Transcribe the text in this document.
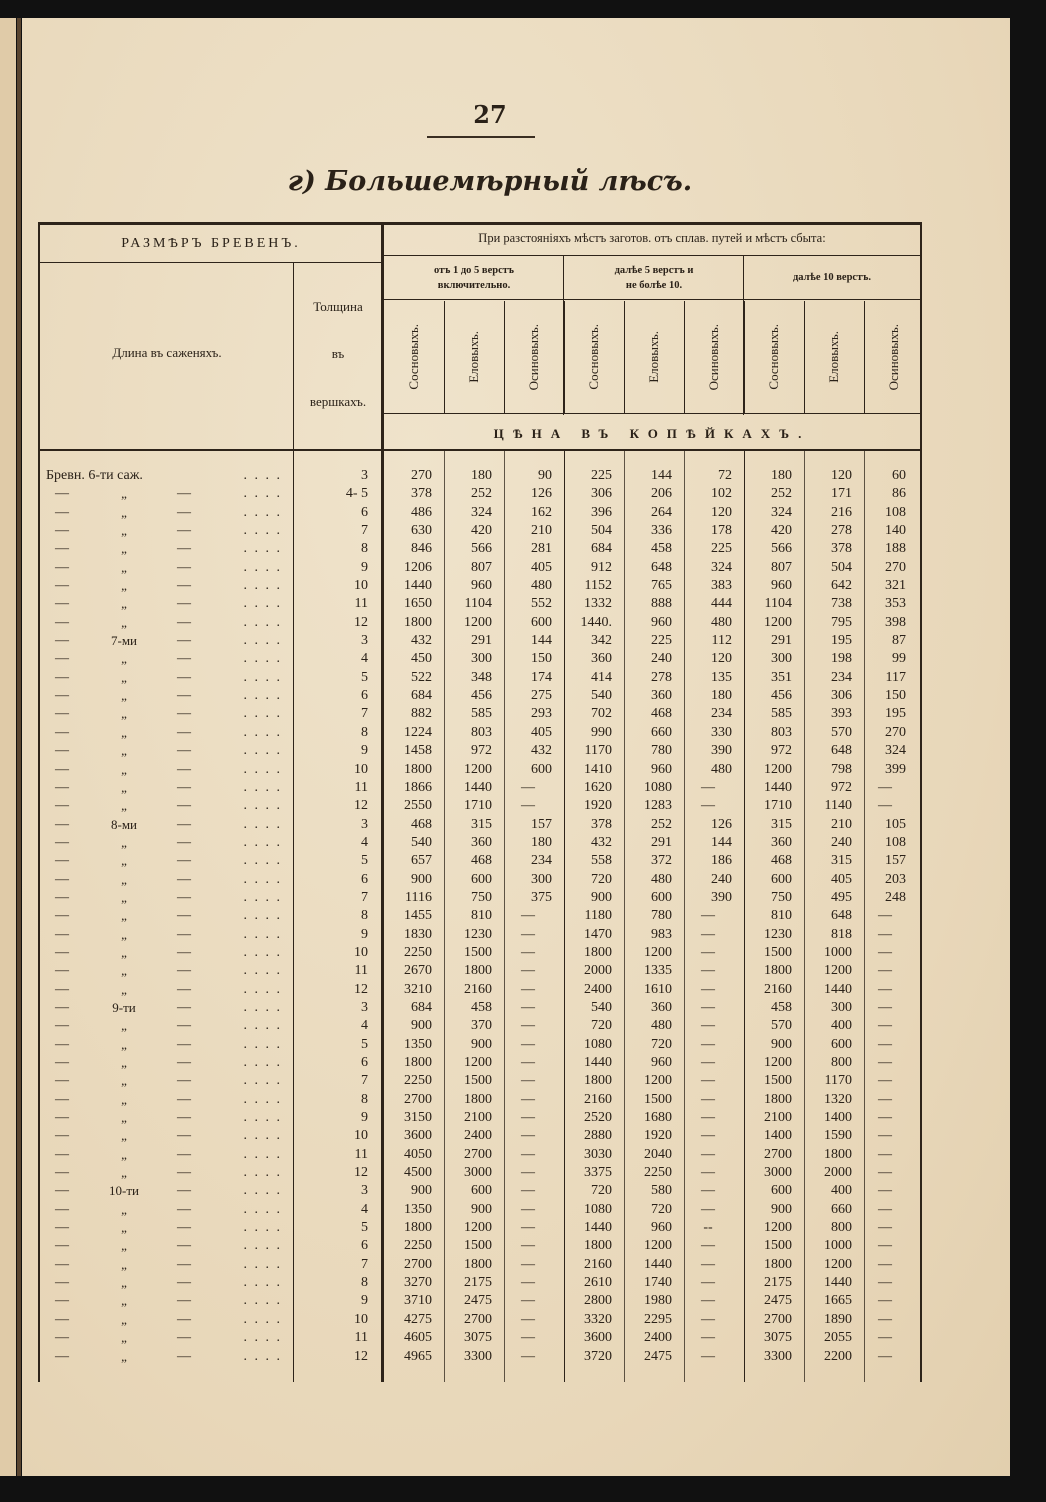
27
г) Большемѣрный лѣсъ.
РАЗМѢРЪ БРЕВЕНЪ.	При разстояніяхъ мѣстъ заготов. отъ сплав. путей и мѣстъ сбыта:
отъ 1 до 5 верстъ
включительно.
далѣе 5 верстъ и
не болѣе 10.
далѣе 10 верстъ.
Длина въ саженяхъ.
Толщина
въ
вершкахъ.
Сосновыхъ.	Еловыхъ.	Осиновыхъ.	Сосновыхъ.	Еловыхъ.	Осиновыхъ.	Сосновыхъ.	Еловыхъ.	Осиновыхъ.
ЦѢНА ВЪ КОПѢЙКАХЪ.
Бревн. 6-ти саж.	. . . .	3	270	180	90	225	144	72	180	120	60
—	„	—	. . . .	4- 5	378	252	126	306	206	102	252	171	86
—	„	—	. . . .	6	486	324	162	396	264	120	324	216	108
—	„	—	. . . .	7	630	420	210	504	336	178	420	278	140
—	„	—	. . . .	8	846	566	281	684	458	225	566	378	188
—	„	—	. . . .	9	1206	807	405	912	648	324	807	504	270
—	„	—	. . . .	10	1440	960	480	1152	765	383	960	642	321
—	„	—	. . . .	11	1650	1104	552	1332	888	444	1104	738	353
—	„	—	. . . .	12	1800	1200	600	1440.	960	480	1200	795	398
—	7-ми	—	. . . .	3	432	291	144	342	225	112	291	195	87
—	„	—	. . . .	4	450	300	150	360	240	120	300	198	99
—	„	—	. . . .	5	522	348	174	414	278	135	351	234	117
—	„	—	. . . .	6	684	456	275	540	360	180	456	306	150
—	„	—	. . . .	7	882	585	293	702	468	234	585	393	195
—	„	—	. . . .	8	1224	803	405	990	660	330	803	570	270
—	„	—	. . . .	9	1458	972	432	1170	780	390	972	648	324
—	„	—	. . . .	10	1800	1200	600	1410	960	480	1200	798	399
—	„	—	. . . .	11	1866	1440	—	1620	1080	—	1440	972	—
—	„	—	. . . .	12	2550	1710	—	1920	1283	—	1710	1140	—
—	8-ми	—	. . . .	3	468	315	157	378	252	126	315	210	105
—	„	—	. . . .	4	540	360	180	432	291	144	360	240	108
—	„	—	. . . .	5	657	468	234	558	372	186	468	315	157
—	„	—	. . . .	6	900	600	300	720	480	240	600	405	203
—	„	—	. . . .	7	1116	750	375	900	600	390	750	495	248
—	„	—	. . . .	8	1455	810	—	1180	780	—	810	648	—
—	„	—	. . . .	9	1830	1230	—	1470	983	—	1230	818	—
—	„	—	. . . .	10	2250	1500	—	1800	1200	—	1500	1000	—
—	„	—	. . . .	11	2670	1800	—	2000	1335	—	1800	1200	—
—	„	—	. . . .	12	3210	2160	—	2400	1610	—	2160	1440	—
—	9-ти	—	. . . .	3	684	458	—	540	360	—	458	300	—
—	„	—	. . . .	4	900	370	—	720	480	—	570	400	—
—	„	—	. . . .	5	1350	900	—	1080	720	—	900	600	—
—	„	—	. . . .	6	1800	1200	—	1440	960	—	1200	800	—
—	„	—	. . . .	7	2250	1500	—	1800	1200	—	1500	1170	—
—	„	—	. . . .	8	2700	1800	—	2160	1500	—	1800	1320	—
—	„	—	. . . .	9	3150	2100	—	2520	1680	—	2100	1400	—
—	„	—	. . . .	10	3600	2400	—	2880	1920	—	1400	1590	—
—	„	—	. . . .	11	4050	2700	—	3030	2040	—	2700	1800	—
—	„	—	. . . .	12	4500	3000	—	3375	2250	—	3000	2000	—
—	10-ти	—	. . . .	3	900	600	—	720	580	—	600	400	—
—	„	—	. . . .	4	1350	900	—	1080	720	—	900	660	—
—	„	—	. . . .	5	1800	1200	—	1440	960	--	1200	800	—
—	„	—	. . . .	6	2250	1500	—	1800	1200	—	1500	1000	—
—	„	—	. . . .	7	2700	1800	—	2160	1440	—	1800	1200	—
—	„	—	. . . .	8	3270	2175	—	2610	1740	—	2175	1440	—
—	„	—	. . . .	9	3710	2475	—	2800	1980	—	2475	1665	—
—	„	—	. . . .	10	4275	2700	—	3320	2295	—	2700	1890	—
—	„	—	. . . .	11	4605	3075	—	3600	2400	—	3075	2055	—
—	„	—	. . . .	12	4965	3300	—	3720	2475	—	3300	2200	—
